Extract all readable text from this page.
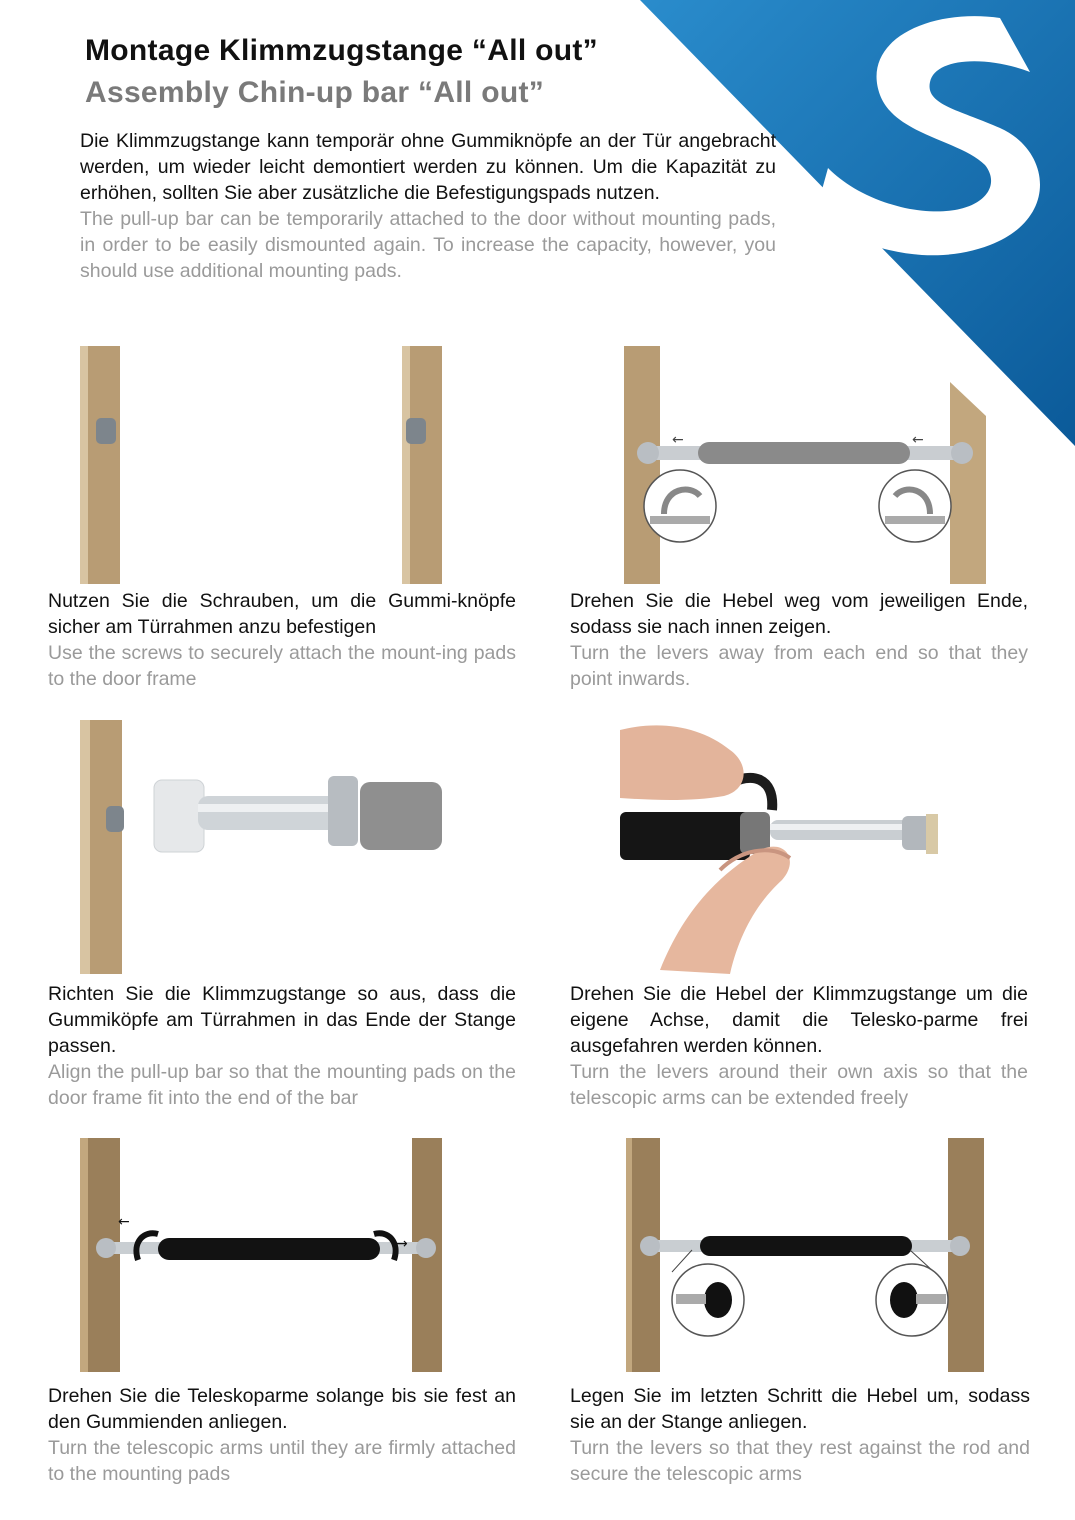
Montage Klimmzugstange “All out”
Assembly Chin-up bar “All out”

Die Klimmzugstange kann temporär ohne Gummiknöpfe an der Tür angebracht werden, um wieder leicht demontiert werden zu können. Um die Kapazität zu erhöhen, sollten Sie aber zusätzliche die Befestigungspads nutzen.

The pull-up bar can be temporarily attached to the door without mounting pads, in order to be easily dismounted again. To increase the capacity, however, you should use additional mounting pads.

Nutzen Sie die Schrauben, um die Gummi-knöpfe sicher am Türrahmen anzu befestigen

Use the screws to securely attach the mount-ing pads to the door frame

←	←

Drehen Sie die Hebel weg vom jeweiligen Ende, sodass sie nach innen zeigen.

Turn the levers away from each end so that they point inwards.

Richten Sie die Klimmzugstange so aus, dass die Gummiköpfe am Türrahmen in das Ende der Stange passen.

Align the pull-up bar so that the mounting pads on the door frame fit into the end of the bar

Drehen Sie die Hebel der Klimmzugstange um die eigene Achse, damit die Telesko-parme frei ausgefahren werden können.

Turn the levers around their own axis so that the telescopic arms can be extended freely

←
→

Drehen Sie die Teleskoparme solange bis sie fest an den Gummienden anliegen.

Turn the telescopic arms until they are firmly attached to the mounting pads

Legen Sie im letzten Schritt die Hebel um, sodass sie an der Stange anliegen.

Turn the levers so that they rest against the rod and secure the telescopic arms
